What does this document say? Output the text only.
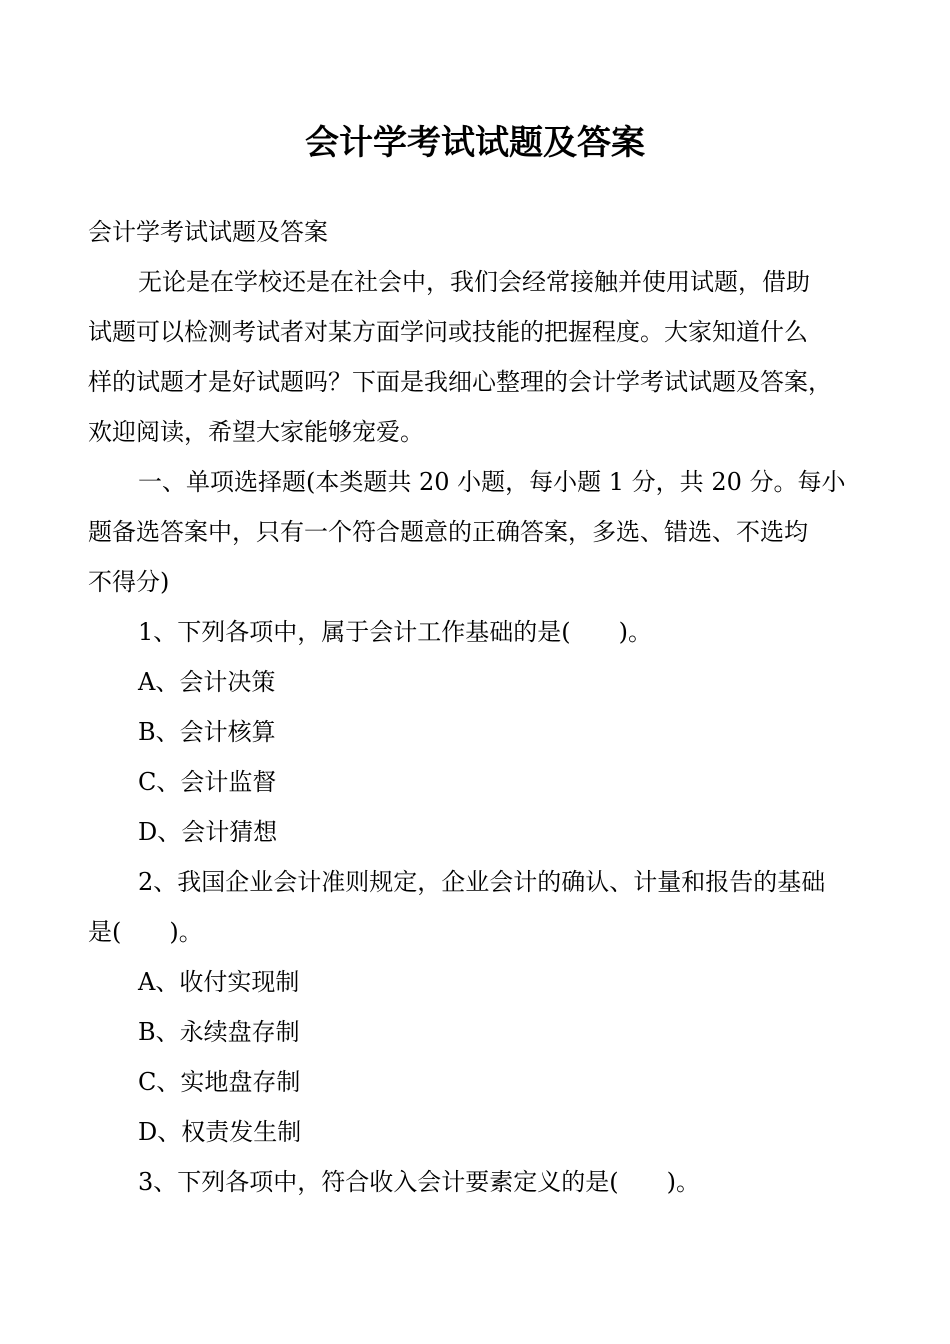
会计学考试试题及答案
会计学考试试题及答案
无论是在学校还是在社会中，我们会经常接触并使用试题，借助
试题可以检测考试者对某方面学问或技能的把握程度。大家知道什么
样的试题才是好试题吗？下面是我细心整理的会计学考试试题及答案，
欢迎阅读，希望大家能够宠爱。
一、单项选择题(本类题共 20 小题，每小题 1 分，共 20 分。每小
题备选答案中，只有一个符合题意的正确答案，多选、错选、不选均
不得分)
1、下列各项中，属于会计工作基础的是(　　)。
A、会计决策
B、会计核算
C、会计监督
D、会计猜想
2、我国企业会计准则规定，企业会计的确认、计量和报告的基础
是(　　)。
A、收付实现制
B、永续盘存制
C、实地盘存制
D、权责发生制
3、下列各项中，符合收入会计要素定义的是(　　)。
